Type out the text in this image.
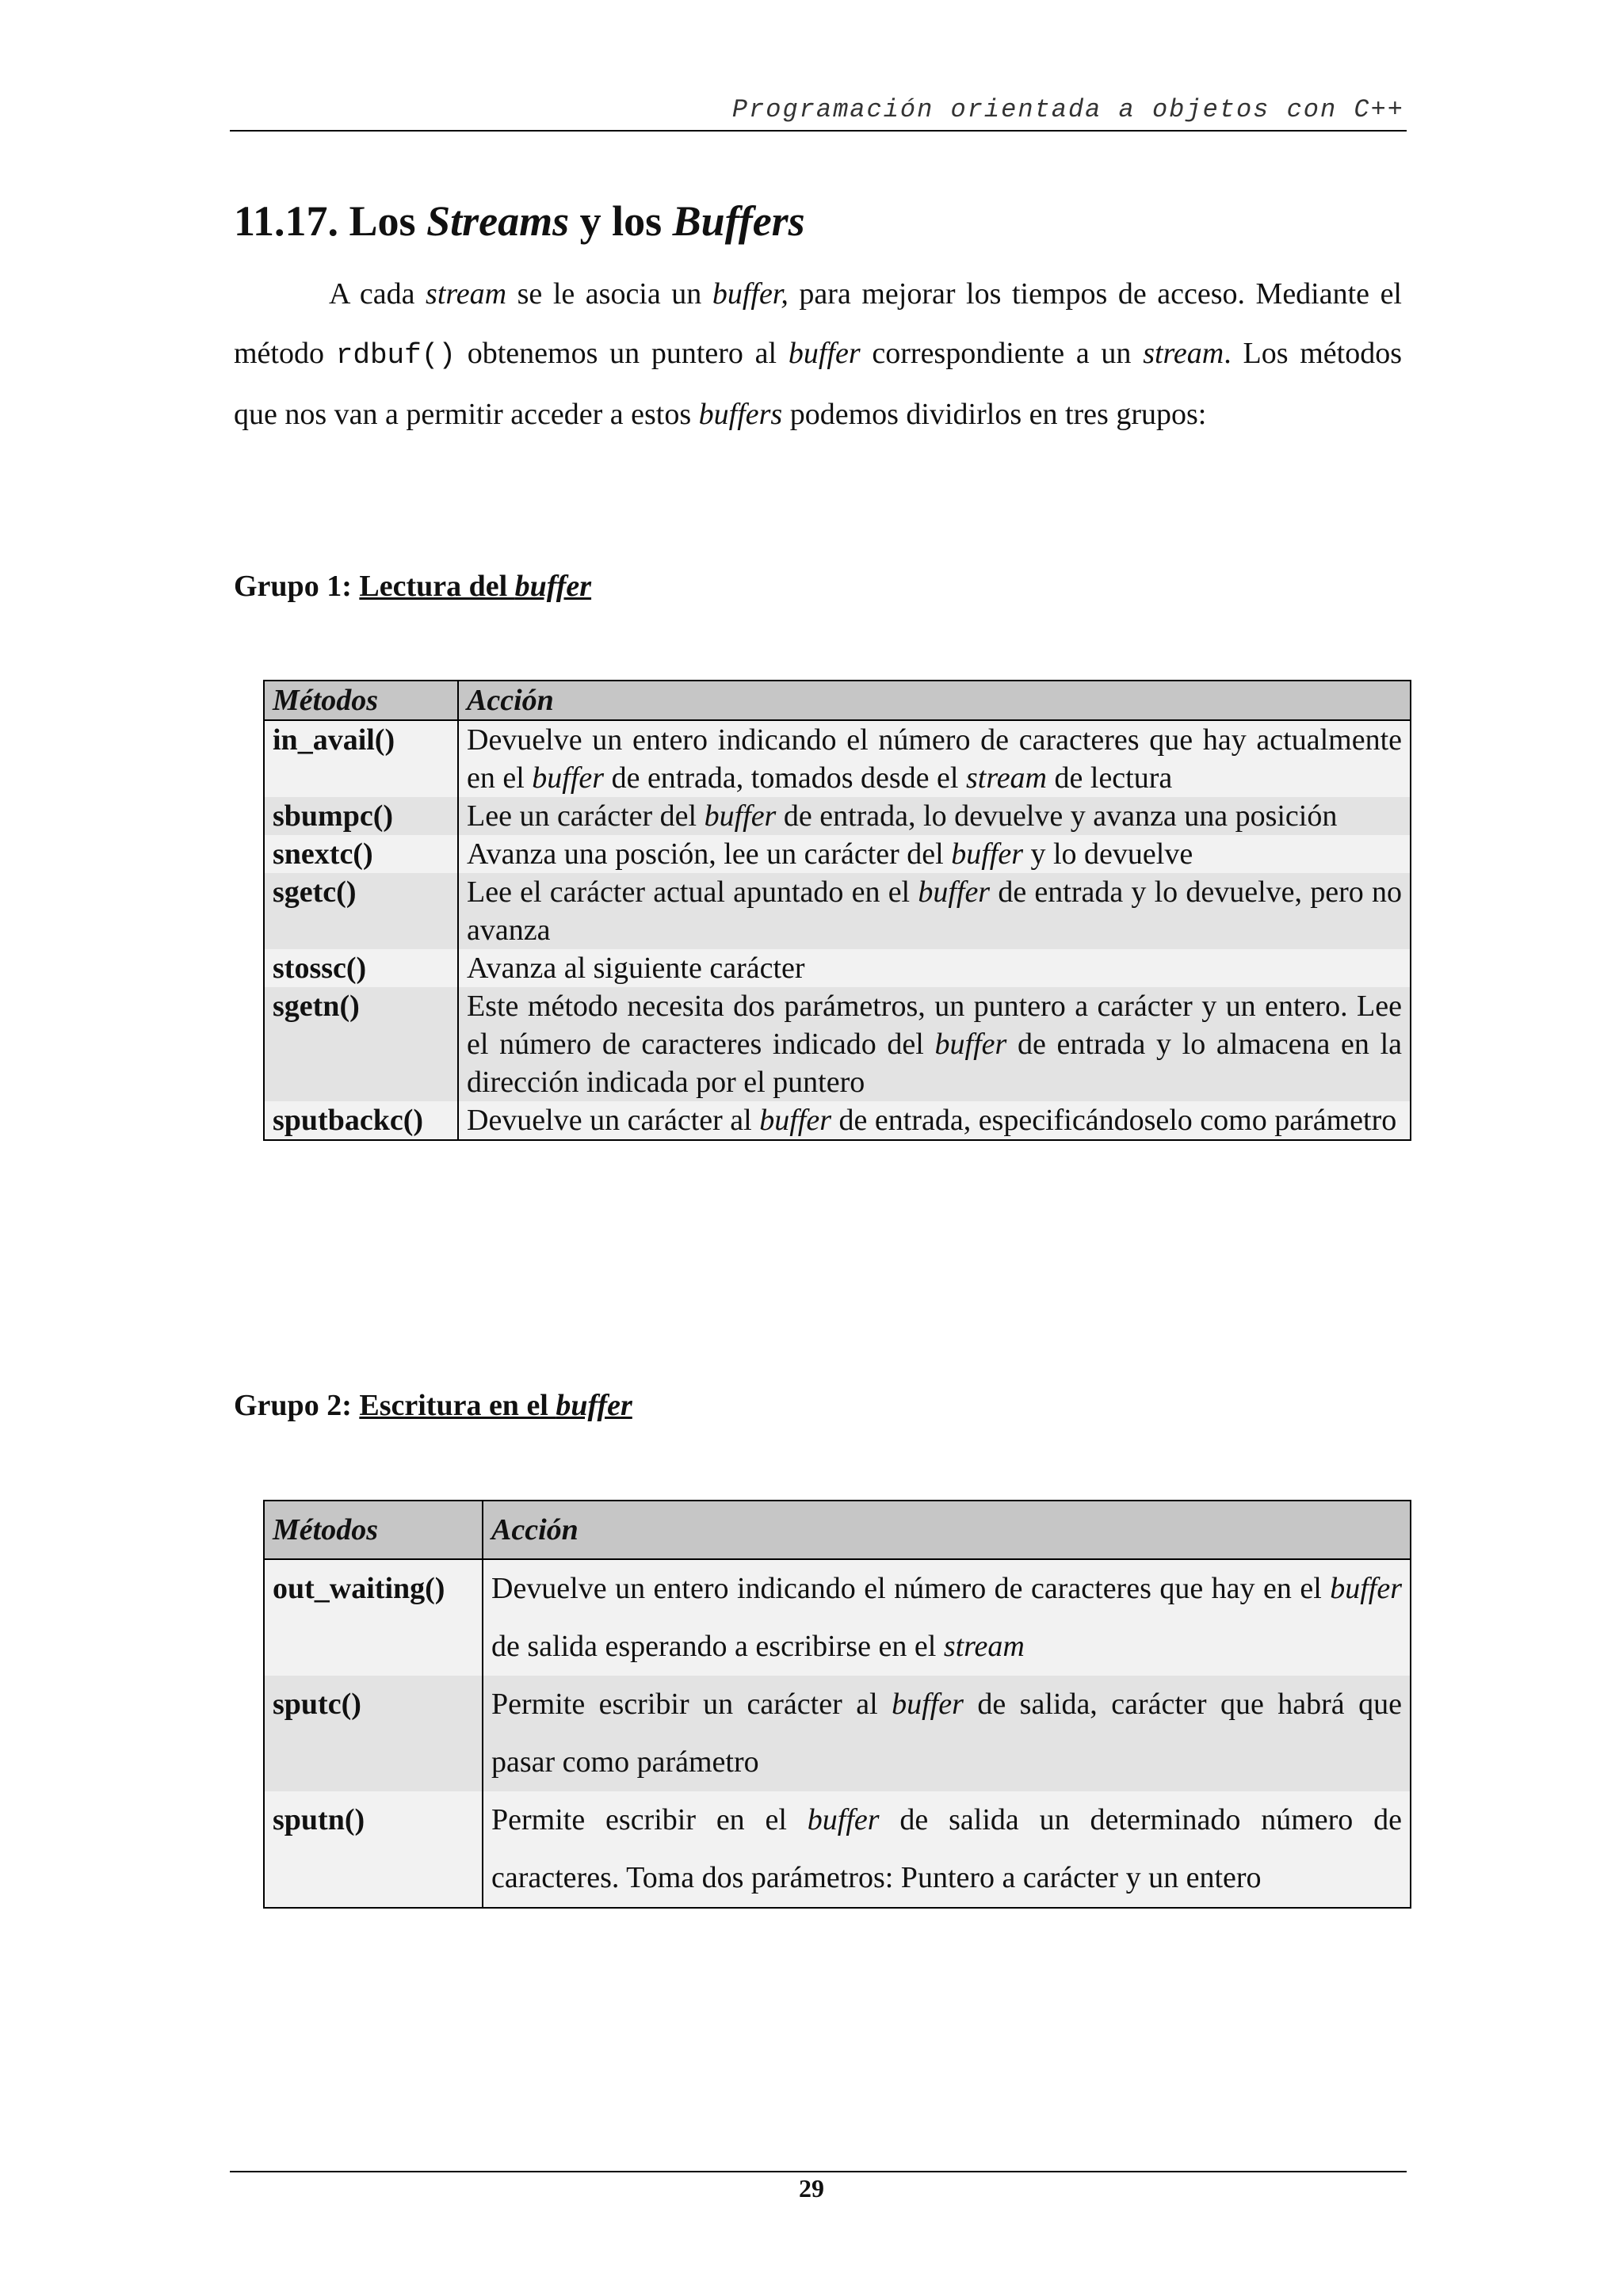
Programación orientada a objetos con C++
11.17. Los Streams y los Buffers

A cada stream se le asocia un buffer, para mejorar los tiempos de acceso. Mediante el método rdbuf() obtenemos un puntero al buffer correspondiente a un stream. Los métodos que nos van a permitir acceder a estos buffers podemos dividirlos en tres grupos:

Grupo 1: Lectura del buffer
Métodos	Acción
in_avail()	Devuelve un entero indicando el número de caracteres que hay actualmente en el buffer de entrada, tomados desde el stream de lectura
sbumpc()	Lee un carácter del buffer de entrada, lo devuelve y avanza una posición
snextc()	Avanza una posción, lee un carácter del buffer y lo devuelve
sgetc()	Lee el carácter actual apuntado en el buffer de entrada y lo devuelve, pero no avanza
stossc()	Avanza al siguiente carácter
sgetn()	Este método necesita dos parámetros, un puntero a carácter y un entero. Lee el número de caracteres indicado del buffer de entrada y lo almacena en la dirección indicada por el puntero
sputbackc()	Devuelve un carácter al buffer de entrada, especificándoselo como parámetro
Grupo 2: Escritura en el buffer
Métodos	Acción
out_waiting()	Devuelve un entero indicando el número de caracteres que hay en el buffer de salida esperando a escribirse en el stream
sputc()	Permite escribir un carácter al buffer de salida, carácter que habrá que pasar como parámetro
sputn()	Permite escribir en el buffer de salida un determinado número de caracteres. Toma dos parámetros: Puntero a carácter y un entero
29
